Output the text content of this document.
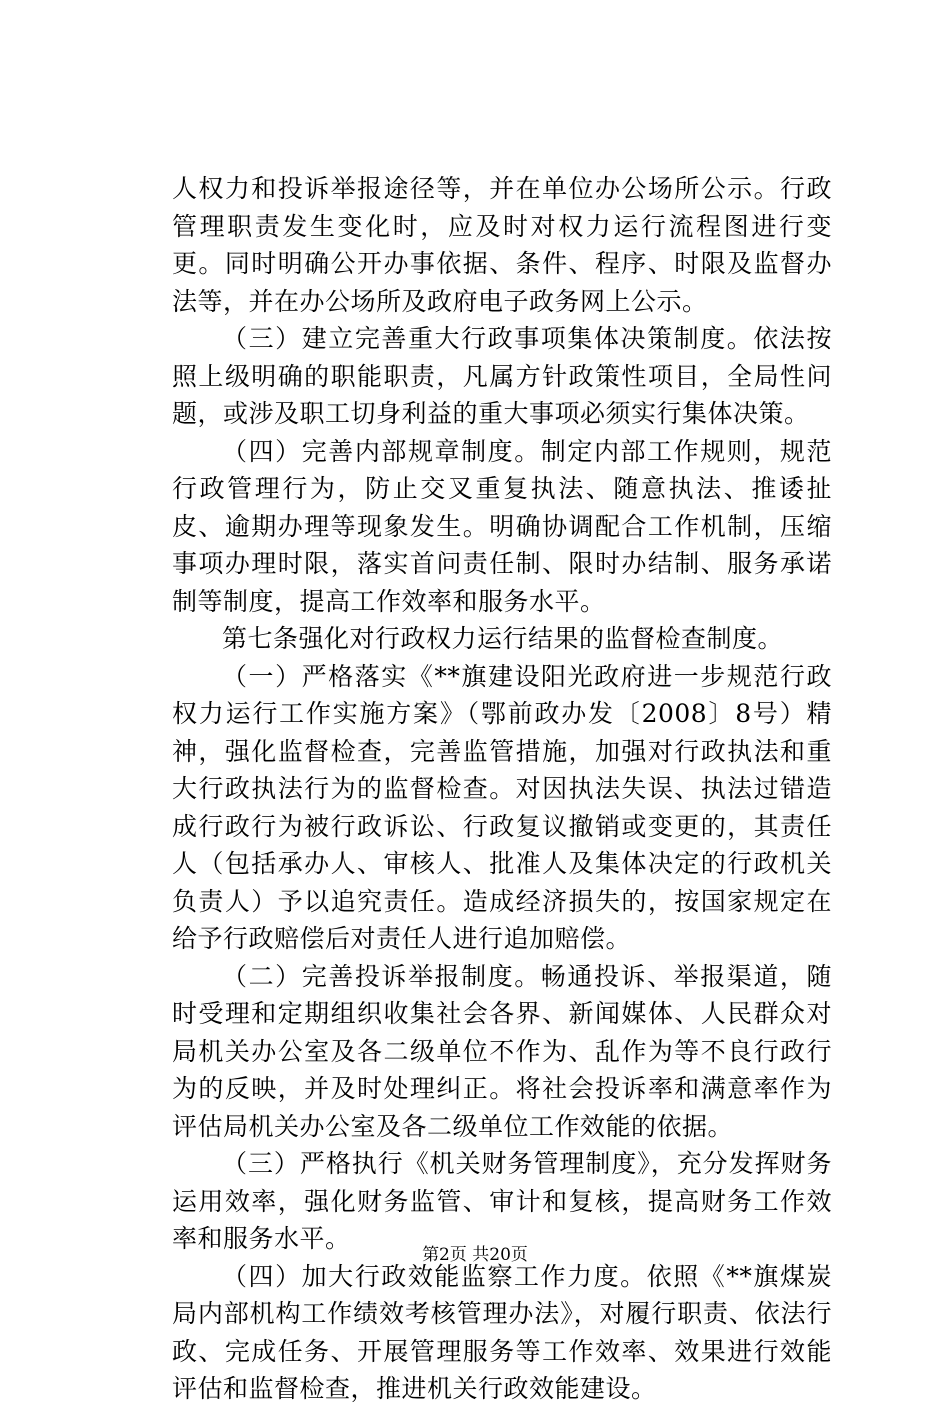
人权力和投诉举报途径等，并在单位办公场所公示。行政管理职责发生变化时，应及时对权力运行流程图进行变更。同时明确公开办事依据、条件、程序、时限及监督办法等，并在办公场所及政府电子政务网上公示。

（三）建立完善重大行政事项集体决策制度。依法按照上级明确的职能职责，凡属方针政策性项目，全局性问题，或涉及职工切身利益的重大事项必须实行集体决策。

（四）完善内部规章制度。制定内部工作规则，规范行政管理行为，防止交叉重复执法、随意执法、推诿扯皮、逾期办理等现象发生。明确协调配合工作机制，压缩事项办理时限，落实首问责任制、限时办结制、服务承诺制等制度，提高工作效率和服务水平。

第七条强化对行政权力运行结果的监督检查制度。

（一）严格落实《**旗建设阳光政府进一步规范行政权力运行工作实施方案》（鄂前政办发〔2008〕8号）精神，强化监督检查，完善监管措施，加强对行政执法和重大行政执法行为的监督检查。对因执法失误、执法过错造成行政行为被行政诉讼、行政复议撤销或变更的，其责任人（包括承办人、审核人、批准人及集体决定的行政机关负责人）予以追究责任。造成经济损失的，按国家规定在给予行政赔偿后对责任人进行追加赔偿。

（二）完善投诉举报制度。畅通投诉、举报渠道，随时受理和定期组织收集社会各界、新闻媒体、人民群众对局机关办公室及各二级单位不作为、乱作为等不良行政行为的反映，并及时处理纠正。将社会投诉率和满意率作为评估局机关办公室及各二级单位工作效能的依据。

（三）严格执行《机关财务管理制度》，充分发挥财务运用效率，强化财务监管、审计和复核，提高财务工作效率和服务水平。

（四）加大行政效能监察工作力度。依照《**旗煤炭局内部机构工作绩效考核管理办法》，对履行职责、依法行政、完成任务、开展管理服务等工作效率、效果进行效能评估和监督检查，推进机关行政效能建设。

第2页 共20页
